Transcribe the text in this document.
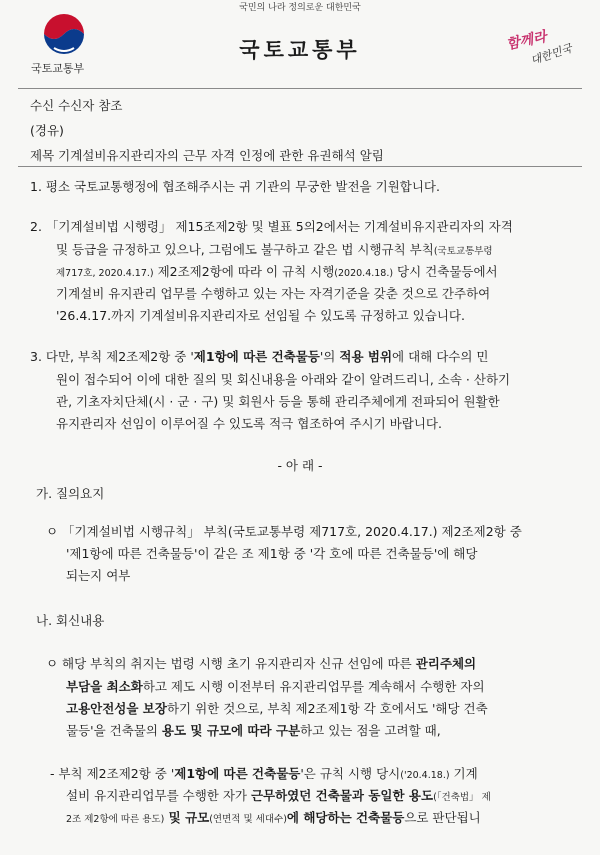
국민의 나라 정의로운 대한민국
국토교통부
국토교통부	함께라
대한민국
수신 수신자 참조
(경유)
제목 기계설비유지관리자의 근무 자격 인정에 관한 유권해석 알림
1. 평소 국토교통행정에 협조해주시는 귀 기관의 무궁한 발전을 기원합니다.
2. 「기계설비법 시행령」 제15조제2항 및 별표 5의2에서는 기계설비유지관리자의 자격
및 등급을 규정하고 있으나, 그럼에도 불구하고 같은 법 시행규칙 부칙(국토교통부령
제717호, 2020.4.17.) 제2조제2항에 따라 이 규칙 시행(2020.4.18.) 당시 건축물등에서
기계설비 유지관리 업무를 수행하고 있는 자는 자격기준을 갖춘 것으로 간주하여
'26.4.17.까지 기계설비유지관리자로 선임될 수 있도록 규정하고 있습니다.
3. 다만, 부칙 제2조제2항 중 '제1항에 따른 건축물등'의 적용 범위에 대해 다수의 민
원이 접수되어 이에 대한 질의 및 회신내용을 아래와 같이 알려드리니, 소속 · 산하기
관, 기초자치단체(시 · 군 · 구) 및 회원사 등을 통해 관리주체에게 전파되어 원활한
유지관리자 선임이 이루어질 수 있도록 적극 협조하여 주시기 바랍니다.
- 아 래 -
가. 질의요지
ㅇ 「기계설비법 시행규칙」 부칙(국토교통부령 제717호, 2020.4.17.) 제2조제2항 중
'제1항에 따른 건축물등'이 같은 조 제1항 중 '각 호에 따른 건축물등'에 해당
되는지 여부
나. 회신내용
ㅇ 해당 부칙의 취지는 법령 시행 초기 유지관리자 신규 선임에 따른 관리주체의
부담을 최소화하고 제도 시행 이전부터 유지관리업무를 계속해서 수행한 자의
고용안전성을 보장하기 위한 것으로, 부칙 제2조제1항 각 호에서도 '해당 건축
물등'을 건축물의 용도 및 규모에 따라 구분하고 있는 점을 고려할 때,
- 부칙 제2조제2항 중 '제1항에 따른 건축물등'은 규칙 시행 당시('20.4.18.) 기계
설비 유지관리업무를 수행한 자가 근무하였던 건축물과 동일한 용도(「건축법」 제
2조 제2항에 따른 용도) 및 규모(연면적 및 세대수)에 해당하는 건축물등으로 판단됩니
